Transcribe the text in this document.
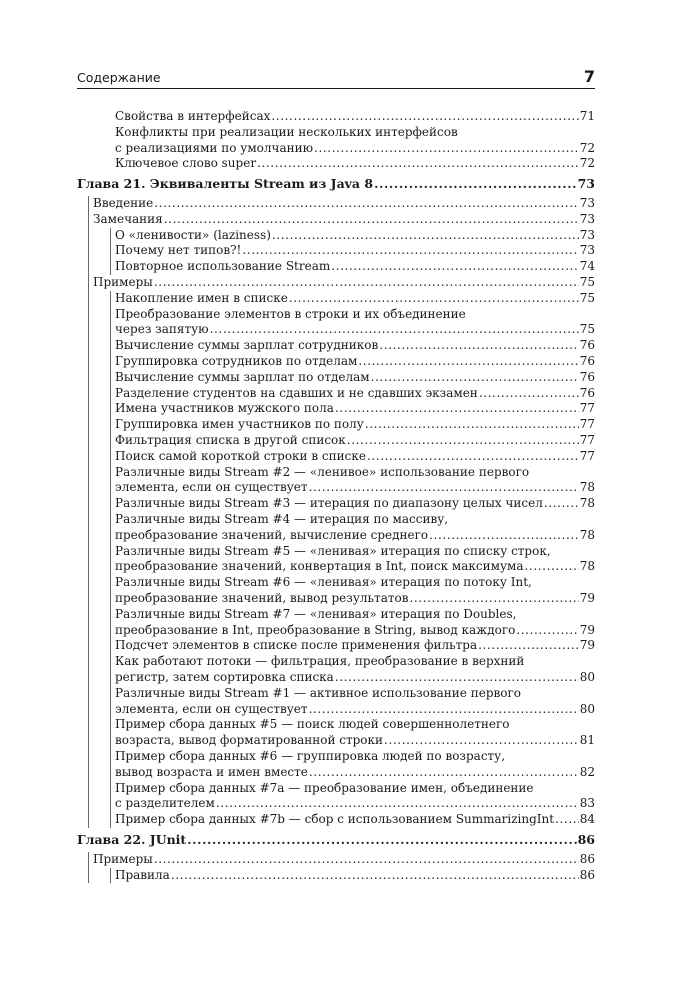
Содержание	7
Свойства в интерфейсах .....	71
Конфликты при реализации нескольких интерфейсов
с реализациями по умолчанию .....	72
Ключевое слово super .....	72
Глава 21. Эквиваленты Stream из Java 8 .....	73
Введение .....	73
Замечания .....	73
О «ленивости» (laziness) .....	73
Почему нет типов?! .....	73
Повторное использование Stream .....	74
Примеры .....	75
Накопление имен в списке .....	75
Преобразование элементов в строки и их объединение
через запятую .....	75
Вычисление суммы зарплат сотрудников .....	76
Группировка сотрудников по отделам .....	76
Вычисление суммы зарплат по отделам .....	76
Разделение студентов на сдавших и не сдавших экзамен .....	76
Имена участников мужского пола .....	77
Группировка имен участников по полу .....	77
Фильтрация списка в другой список .....	77
Поиск самой короткой строки в списке .....	77
Различные виды Stream #2 — «ленивое» использование первого
элемента, если он существует .....	78
Различные виды Stream #3 — итерация по диапазону целых чисел .....	78
Различные виды Stream #4 — итерация по массиву,
преобразование значений, вычисление среднего .....	78
Различные виды Stream #5 — «ленивая» итерация по списку строк,
преобразование значений, конвертация в Int, поиск максимума .....	78
Различные виды Stream #6 — «ленивая» итерация по потоку Int,
преобразование значений, вывод результатов .....	79
Различные виды Stream #7 — «ленивая» итерация по Doubles,
преобразование в Int, преобразование в String, вывод каждого .....	79
Подсчет элементов в списке после применения фильтра .....	79
Как работают потоки — фильтрация, преобразование в верхний
регистр, затем сортировка списка .....	80
Различные виды Stream #1 — активное использование первого
элемента, если он существует .....	80
Пример сбора данных #5 — поиск людей совершеннолетнего
возраста, вывод форматированной строки .....	81
Пример сбора данных #6 — группировка людей по возрасту,
вывод возраста и имен вместе .....	82
Пример сбора данных #7a — преобразование имен, объединение
с разделителем .....	83
Пример сбора данных #7b — сбор с использованием SummarizingInt ..... 84
Глава 22. JUnit .....	86
Примеры .....	86
Правила .....	86
